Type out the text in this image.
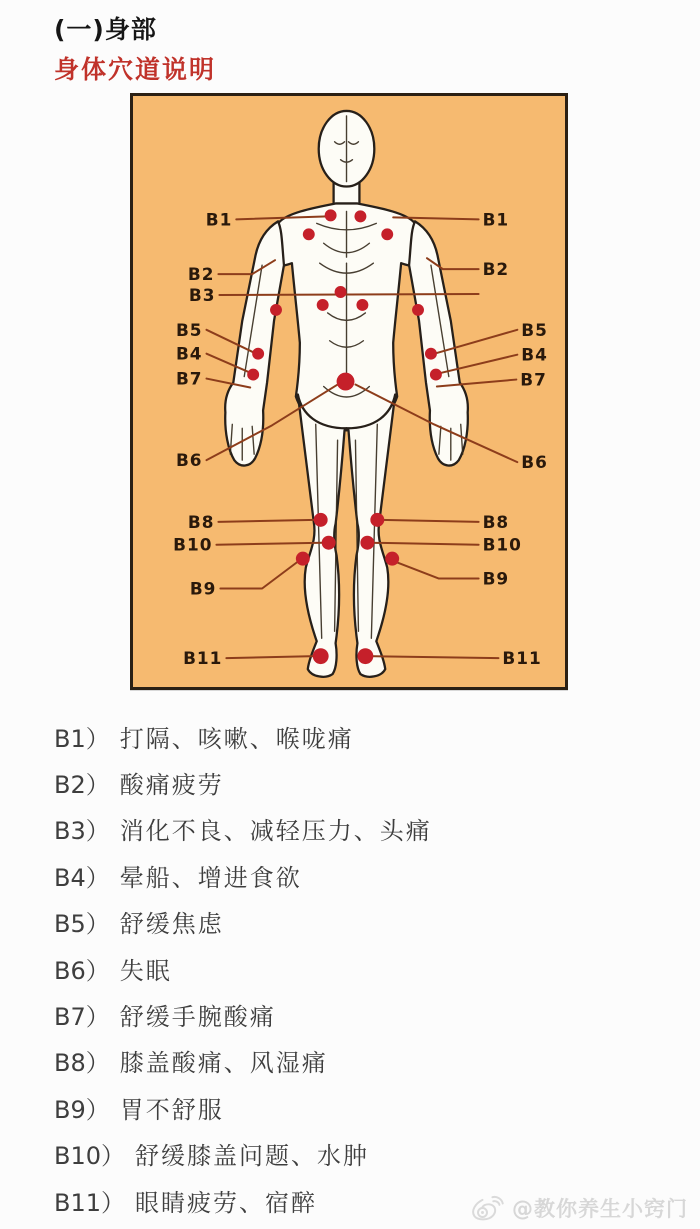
(一)身部
身体穴道说明
B1
B2
B3
B5
B4
B7
B6
B8
B10
B9
B11
B1
B2
B5
B4
B7
B6
B8
B10
B9
B11
B1） 打隔、咳嗽、喉咙痛
B2） 酸痛疲劳
B3） 消化不良、减轻压力、头痛
B4） 晕船、增进食欲
B5） 舒缓焦虑
B6） 失眠
B7） 舒缓手腕酸痛
B8） 膝盖酸痛、风湿痛
B9） 胃不舒服
B10） 舒缓膝盖问题、水肿
B11） 眼睛疲劳、宿醉	@教你养生小窍门
